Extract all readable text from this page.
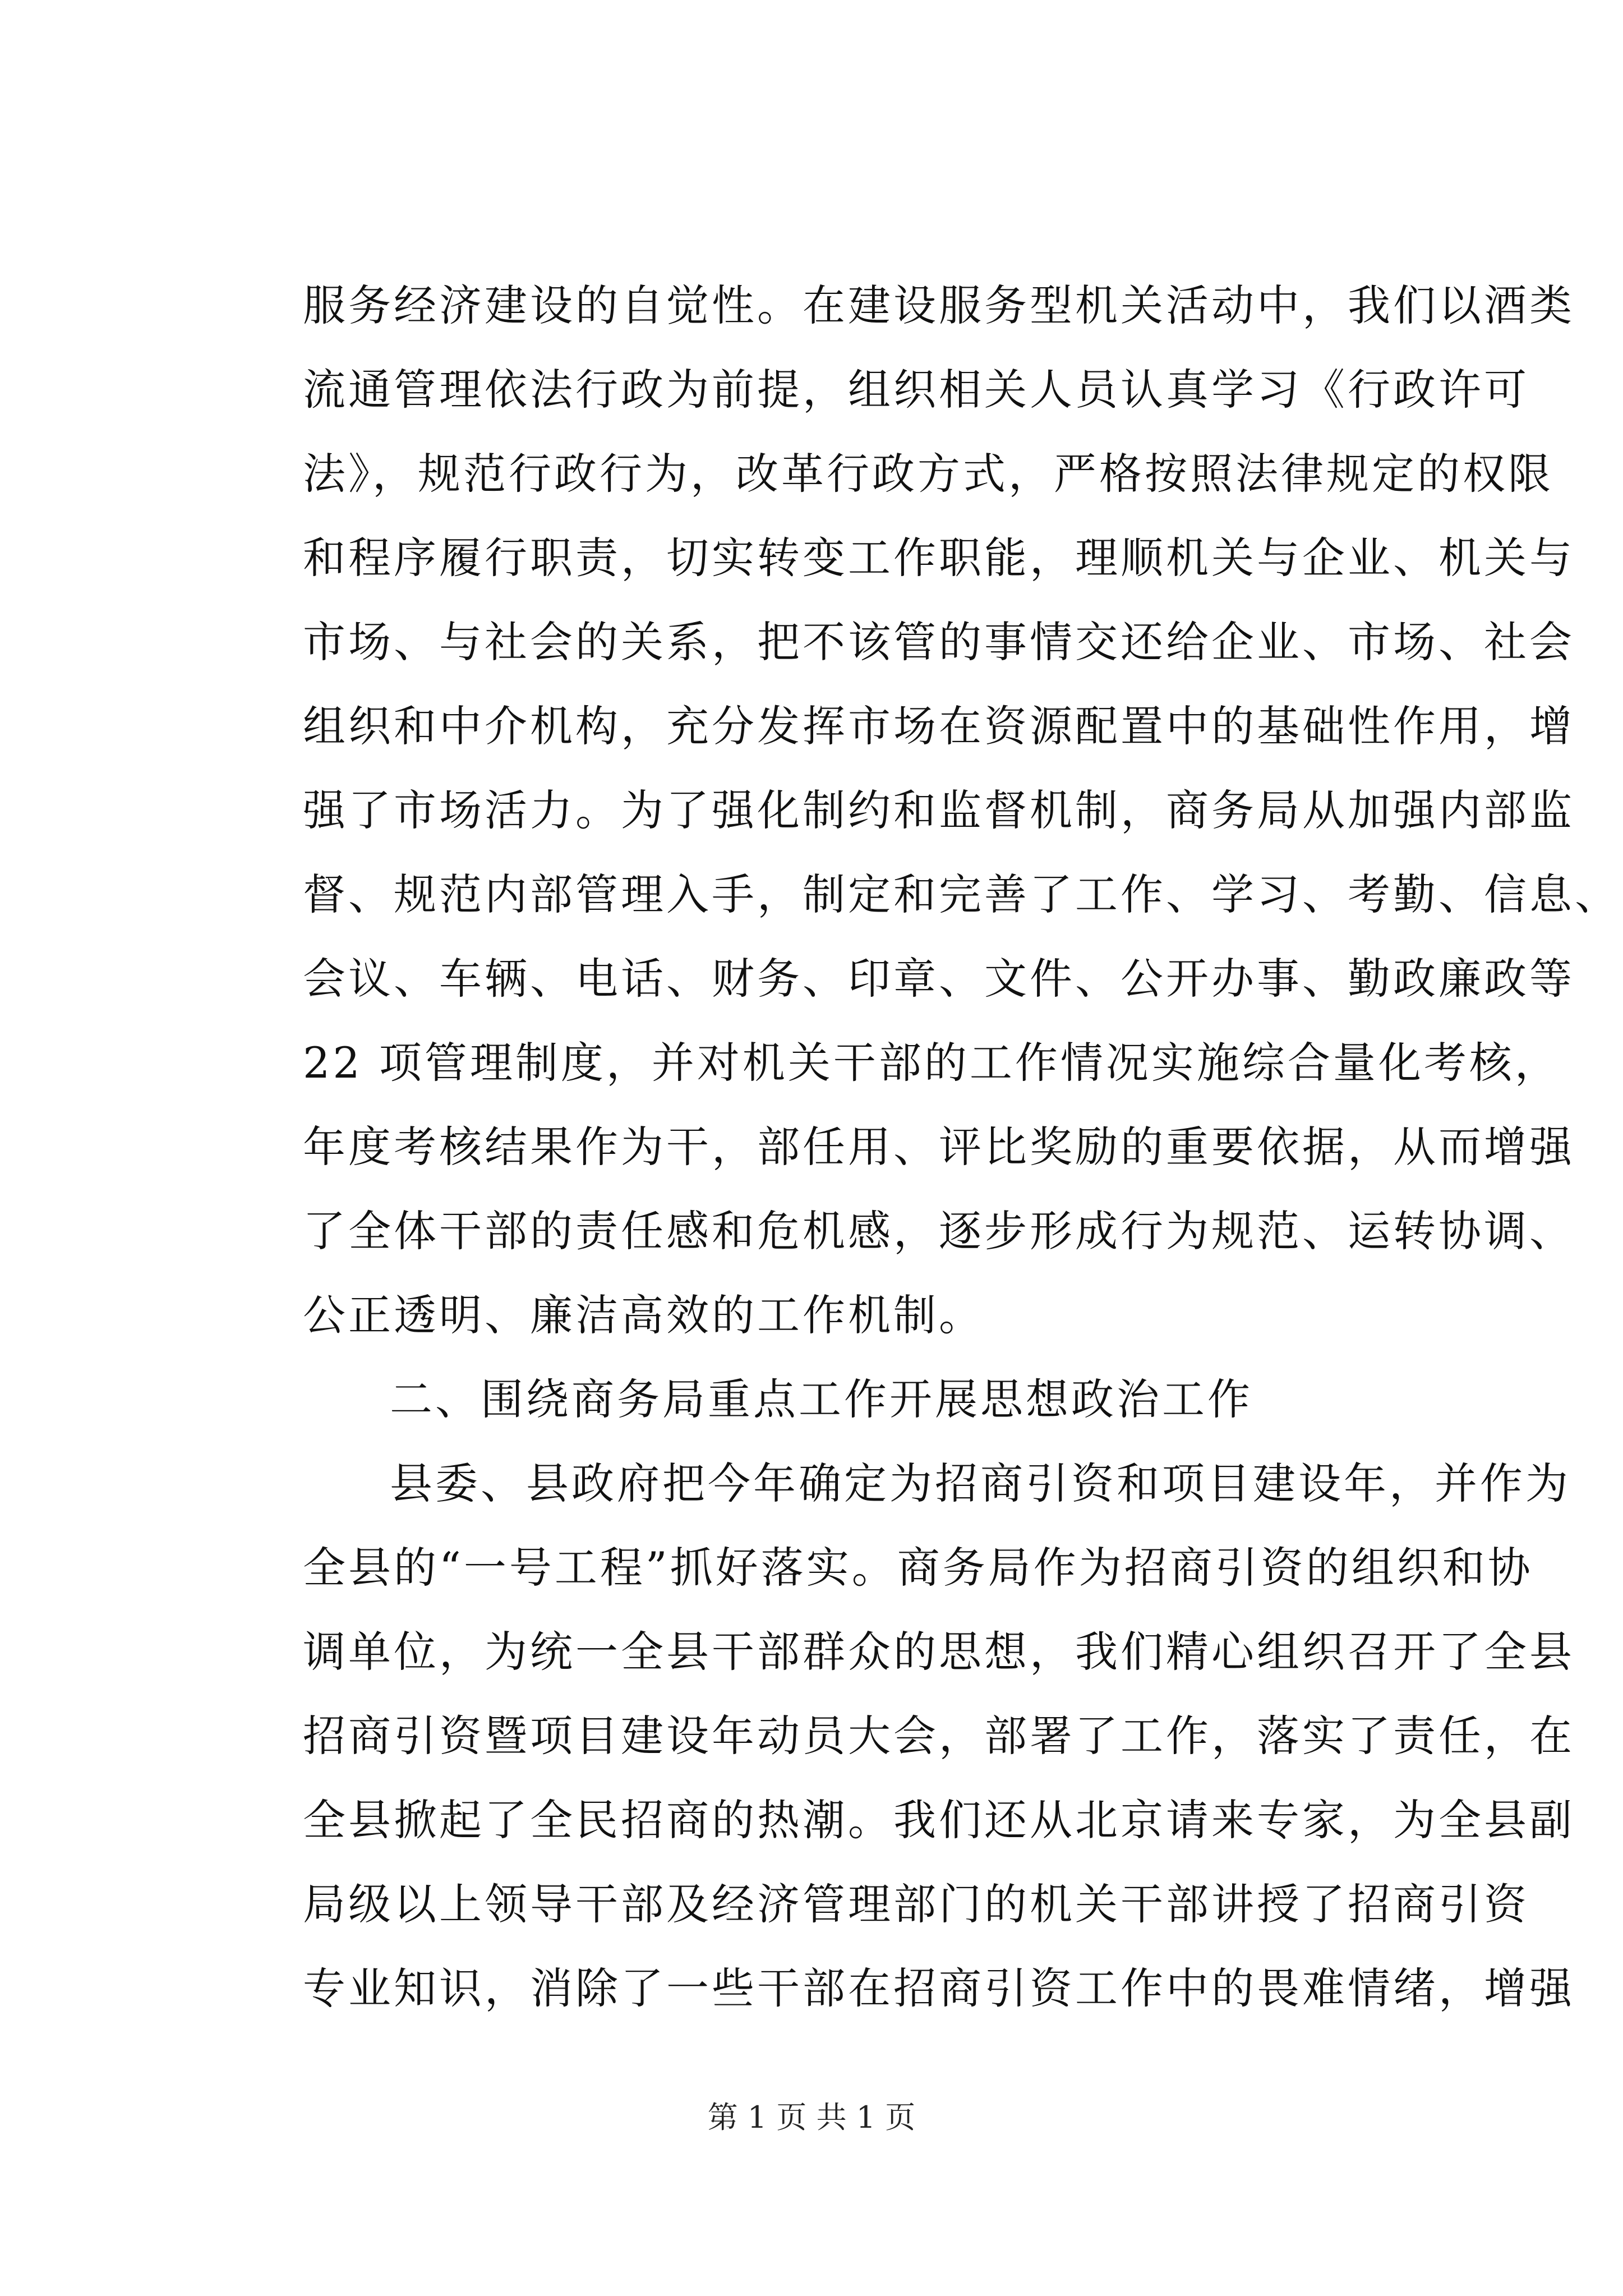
服务经济建设的自觉性。在建设服务型机关活动中，我们以酒类
流通管理依法行政为前提，组织相关人员认真学习《行政许可
法》，规范行政行为，改革行政方式，严格按照法律规定的权限
和程序履行职责，切实转变工作职能，理顺机关与企业、机关与
市场、与社会的关系，把不该管的事情交还给企业、市场、社会
组织和中介机构，充分发挥市场在资源配置中的基础性作用，增
强了市场活力。为了强化制约和监督机制，商务局从加强内部监
督、规范内部管理入手，制定和完善了工作、学习、考勤、信息、
会议、车辆、电话、财务、印章、文件、公开办事、勤政廉政等
22 项管理制度，并对机关干部的工作情况实施综合量化考核，
年度考核结果作为干，部任用、评比奖励的重要依据，从而增强
了全体干部的责任感和危机感，逐步形成行为规范、运转协调、
公正透明、廉洁高效的工作机制。
二、围绕商务局重点工作开展思想政治工作
县委、县政府把今年确定为招商引资和项目建设年，并作为
全县的“一号工程”抓好落实。商务局作为招商引资的组织和协
调单位，为统一全县干部群众的思想，我们精心组织召开了全县
招商引资暨项目建设年动员大会，部署了工作，落实了责任，在
全县掀起了全民招商的热潮。我们还从北京请来专家，为全县副
局级以上领导干部及经济管理部门的机关干部讲授了招商引资
专业知识，消除了一些干部在招商引资工作中的畏难情绪，增强
第 1 页 共 1 页
